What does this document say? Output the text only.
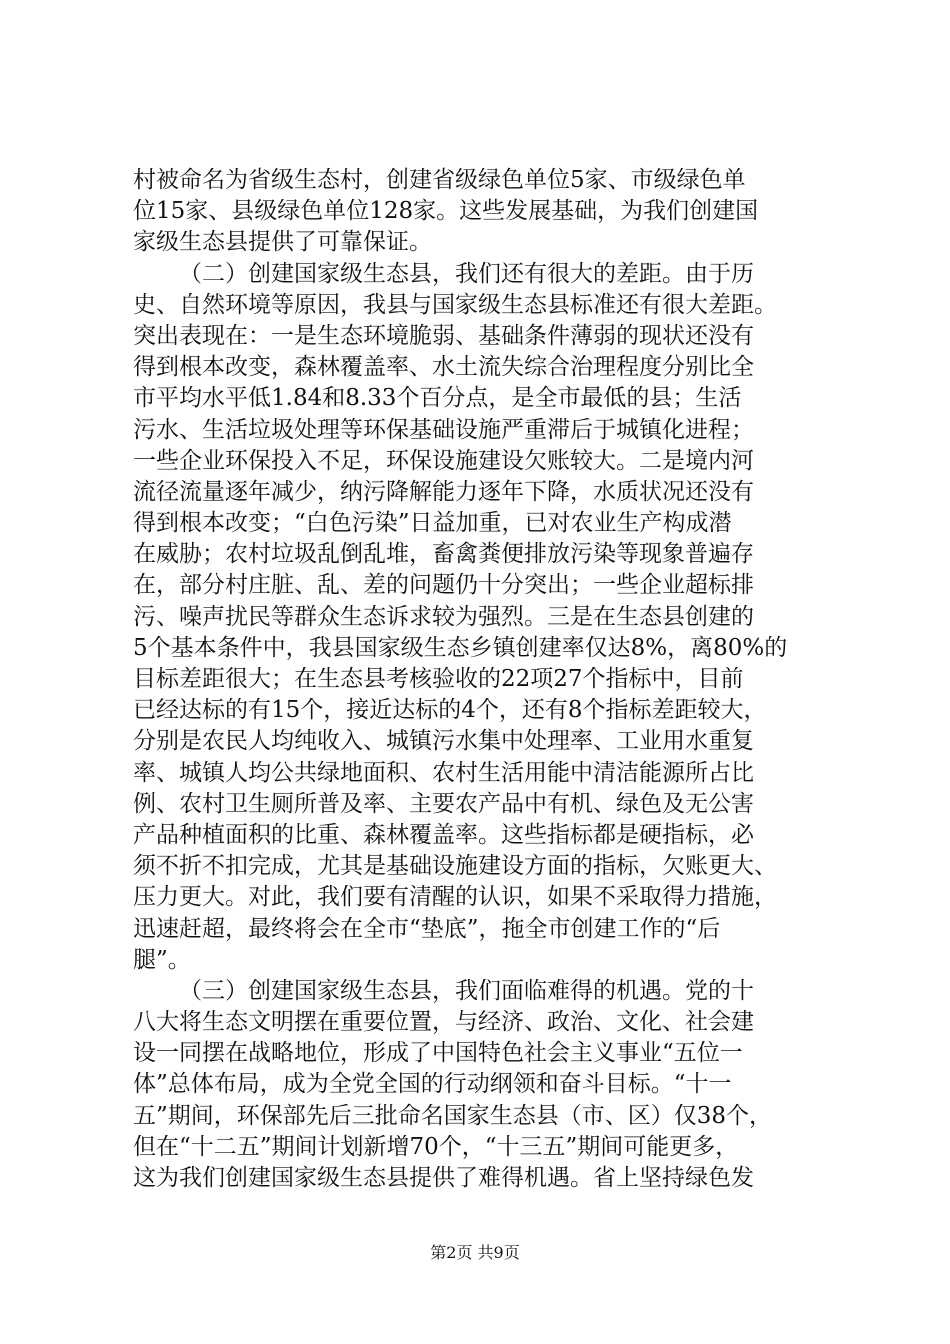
村被命名为省级生态村，创建省级绿色单位5家、市级绿色单
位15家、县级绿色单位128家。这些发展基础，为我们创建国
家级生态县提供了可靠保证。
（二）创建国家级生态县，我们还有很大的差距。由于历
史、自然环境等原因，我县与国家级生态县标准还有很大差距。
突出表现在：一是生态环境脆弱、基础条件薄弱的现状还没有
得到根本改变，森林覆盖率、水土流失综合治理程度分别比全
市平均水平低1.84和8.33个百分点，是全市最低的县；生活
污水、生活垃圾处理等环保基础设施严重滞后于城镇化进程；
一些企业环保投入不足，环保设施建设欠账较大。二是境内河
流径流量逐年减少，纳污降解能力逐年下降，水质状况还没有
得到根本改变；“白色污染”日益加重，已对农业生产构成潜
在威胁；农村垃圾乱倒乱堆，畜禽粪便排放污染等现象普遍存
在，部分村庄脏、乱、差的问题仍十分突出；一些企业超标排
污、噪声扰民等群众生态诉求较为强烈。三是在生态县创建的
5个基本条件中，我县国家级生态乡镇创建率仅达8%，离80%的
目标差距很大；在生态县考核验收的22项27个指标中，目前
已经达标的有15个，接近达标的4个，还有8个指标差距较大，
分别是农民人均纯收入、城镇污水集中处理率、工业用水重复
率、城镇人均公共绿地面积、农村生活用能中清洁能源所占比
例、农村卫生厕所普及率、主要农产品中有机、绿色及无公害
产品种植面积的比重、森林覆盖率。这些指标都是硬指标，必
须不折不扣完成，尤其是基础设施建设方面的指标，欠账更大、
压力更大。对此，我们要有清醒的认识，如果不采取得力措施，
迅速赶超，最终将会在全市“垫底”，拖全市创建工作的“后
腿”。
（三）创建国家级生态县，我们面临难得的机遇。党的十
八大将生态文明摆在重要位置，与经济、政治、文化、社会建
设一同摆在战略地位，形成了中国特色社会主义事业“五位一
体”总体布局，成为全党全国的行动纲领和奋斗目标。“十一
五”期间，环保部先后三批命名国家生态县（市、区）仅38个，
但在“十二五”期间计划新增70个，“十三五”期间可能更多，
这为我们创建国家级生态县提供了难得机遇。省上坚持绿色发
第2页 共9页
